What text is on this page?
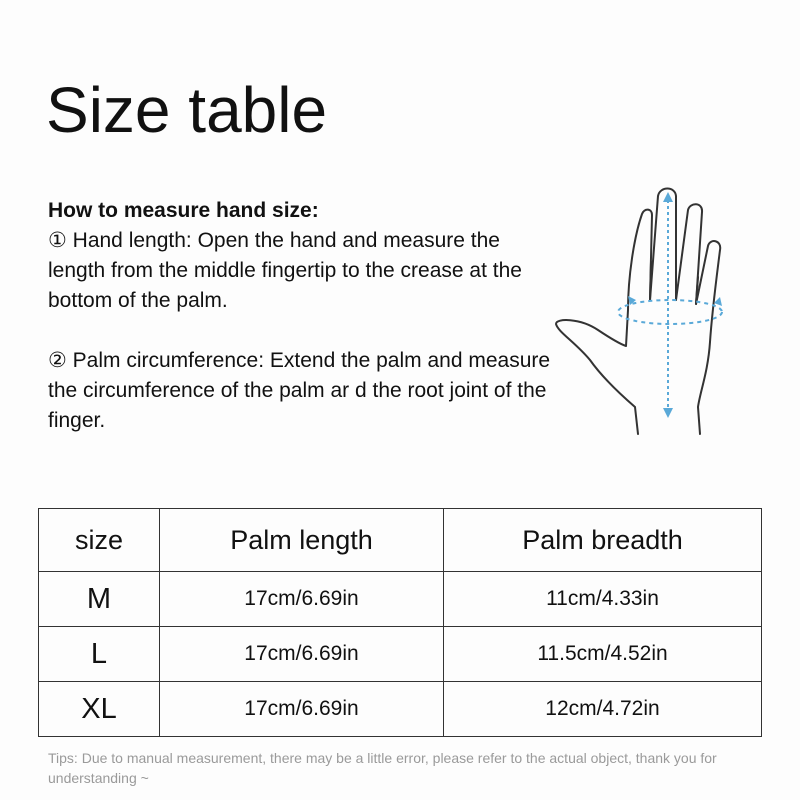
Size table

How to measure hand size:

① Hand length: Open the hand and measure the length from the middle fingertip to the crease at the bottom of the palm.

② Palm circumference: Extend the palm and measure the circumference of the palm ar d the root joint of the finger.

size	Palm length	Palm breadth
M	17cm/6.69in	11cm/4.33in
L	17cm/6.69in	11.5cm/4.52in
XL	17cm/6.69in	12cm/4.72in
Tips: Due to manual measurement, there may be a little error, please refer to the actual object, thank you for understanding ~
